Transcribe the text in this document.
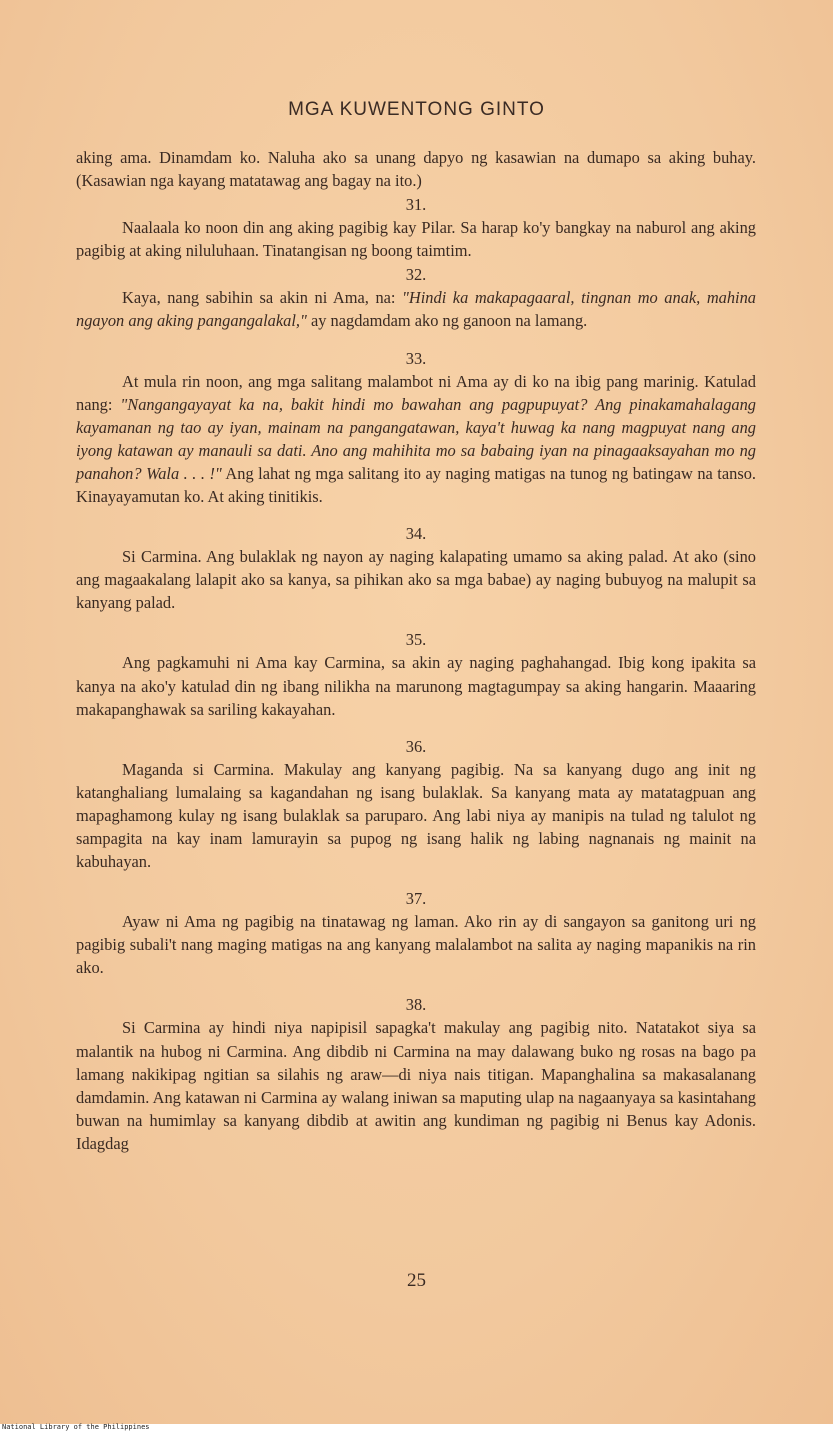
MGA KUWENTONG GINTO

aking ama. Dinamdam ko. Naluha ako sa unang dapyo ng kasawian na dumapo sa aking buhay. (Kasawian nga kayang matatawag ang bagay na ito.)

31.

Naalaala ko noon din ang aking pagibig kay Pilar. Sa harap ko'y bangkay na naburol ang aking pagibig at aking niluluhaan. Tinatangisan ng boong taimtim.

32.

Kaya, nang sabihin sa akin ni Ama, na: "Hindi ka makapagaaral, tingnan mo anak, mahina ngayon ang aking pangangalakal," ay nagdamdam ako ng ganoon na lamang.

33.

At mula rin noon, ang mga salitang malambot ni Ama ay di ko na ibig pang marinig. Katulad nang: "Nangangayayat ka na, bakit hindi mo bawahan ang pagpupuyat? Ang pinakamahalagang kayamanan ng tao ay iyan, mainam na pangangatawan, kaya't huwag ka nang magpuyat nang ang iyong katawan ay manauli sa dati. Ano ang mahihita mo sa babaing iyan na pinagaaksayahan mo ng panahon? Wala . . . !" Ang lahat ng mga salitang ito ay naging matigas na tunog ng batingaw na tanso. Kinayayamutan ko. At aking tinitikis.

34.

Si Carmina. Ang bulaklak ng nayon ay naging kalapating umamo sa aking palad. At ako (sino ang magaakalang lalapit ako sa kanya, sa pihikan ako sa mga babae) ay naging bubuyog na malupit sa kanyang palad.

35.

Ang pagkamuhi ni Ama kay Carmina, sa akin ay naging paghahangad. Ibig kong ipakita sa kanya na ako'y katulad din ng ibang nilikha na marunong magtagumpay sa aking hangarin. Maaaring makapanghawak sa sariling kakayahan.

36.

Maganda si Carmina. Makulay ang kanyang pagibig. Na sa kanyang dugo ang init ng katanghaliang lumalaing sa kagandahan ng isang bulaklak. Sa kanyang mata ay matatagpuan ang mapaghamong kulay ng isang bulaklak sa paruparo. Ang labi niya ay manipis na tulad ng talulot ng sampagita na kay inam lamurayin sa pupog ng isang halik ng labing nagnanais ng mainit na kabuhayan.

37.

Ayaw ni Ama ng pagibig na tinatawag ng laman. Ako rin ay di sangayon sa ganitong uri ng pagibig subali't nang maging matigas na ang kanyang malalambot na salita ay naging mapanikis na rin ako.

38.

Si Carmina ay hindi niya napipisil sapagka't makulay ang pagibig nito. Natatakot siya sa malantik na hubog ni Carmina. Ang dibdib ni Carmina na may dalawang buko ng rosas na bago pa lamang nakikipag ngitian sa silahis ng araw—di niya nais titigan. Mapanghalina sa makasalanang damdamin. Ang katawan ni Carmina ay walang iniwan sa maputing ulap na nagaanyaya sa kasintahang buwan na humimlay sa kanyang dibdib at awitin ang kundiman ng pagibig ni Benus kay Adonis. Idagdag

25
National Library of the Philippines
